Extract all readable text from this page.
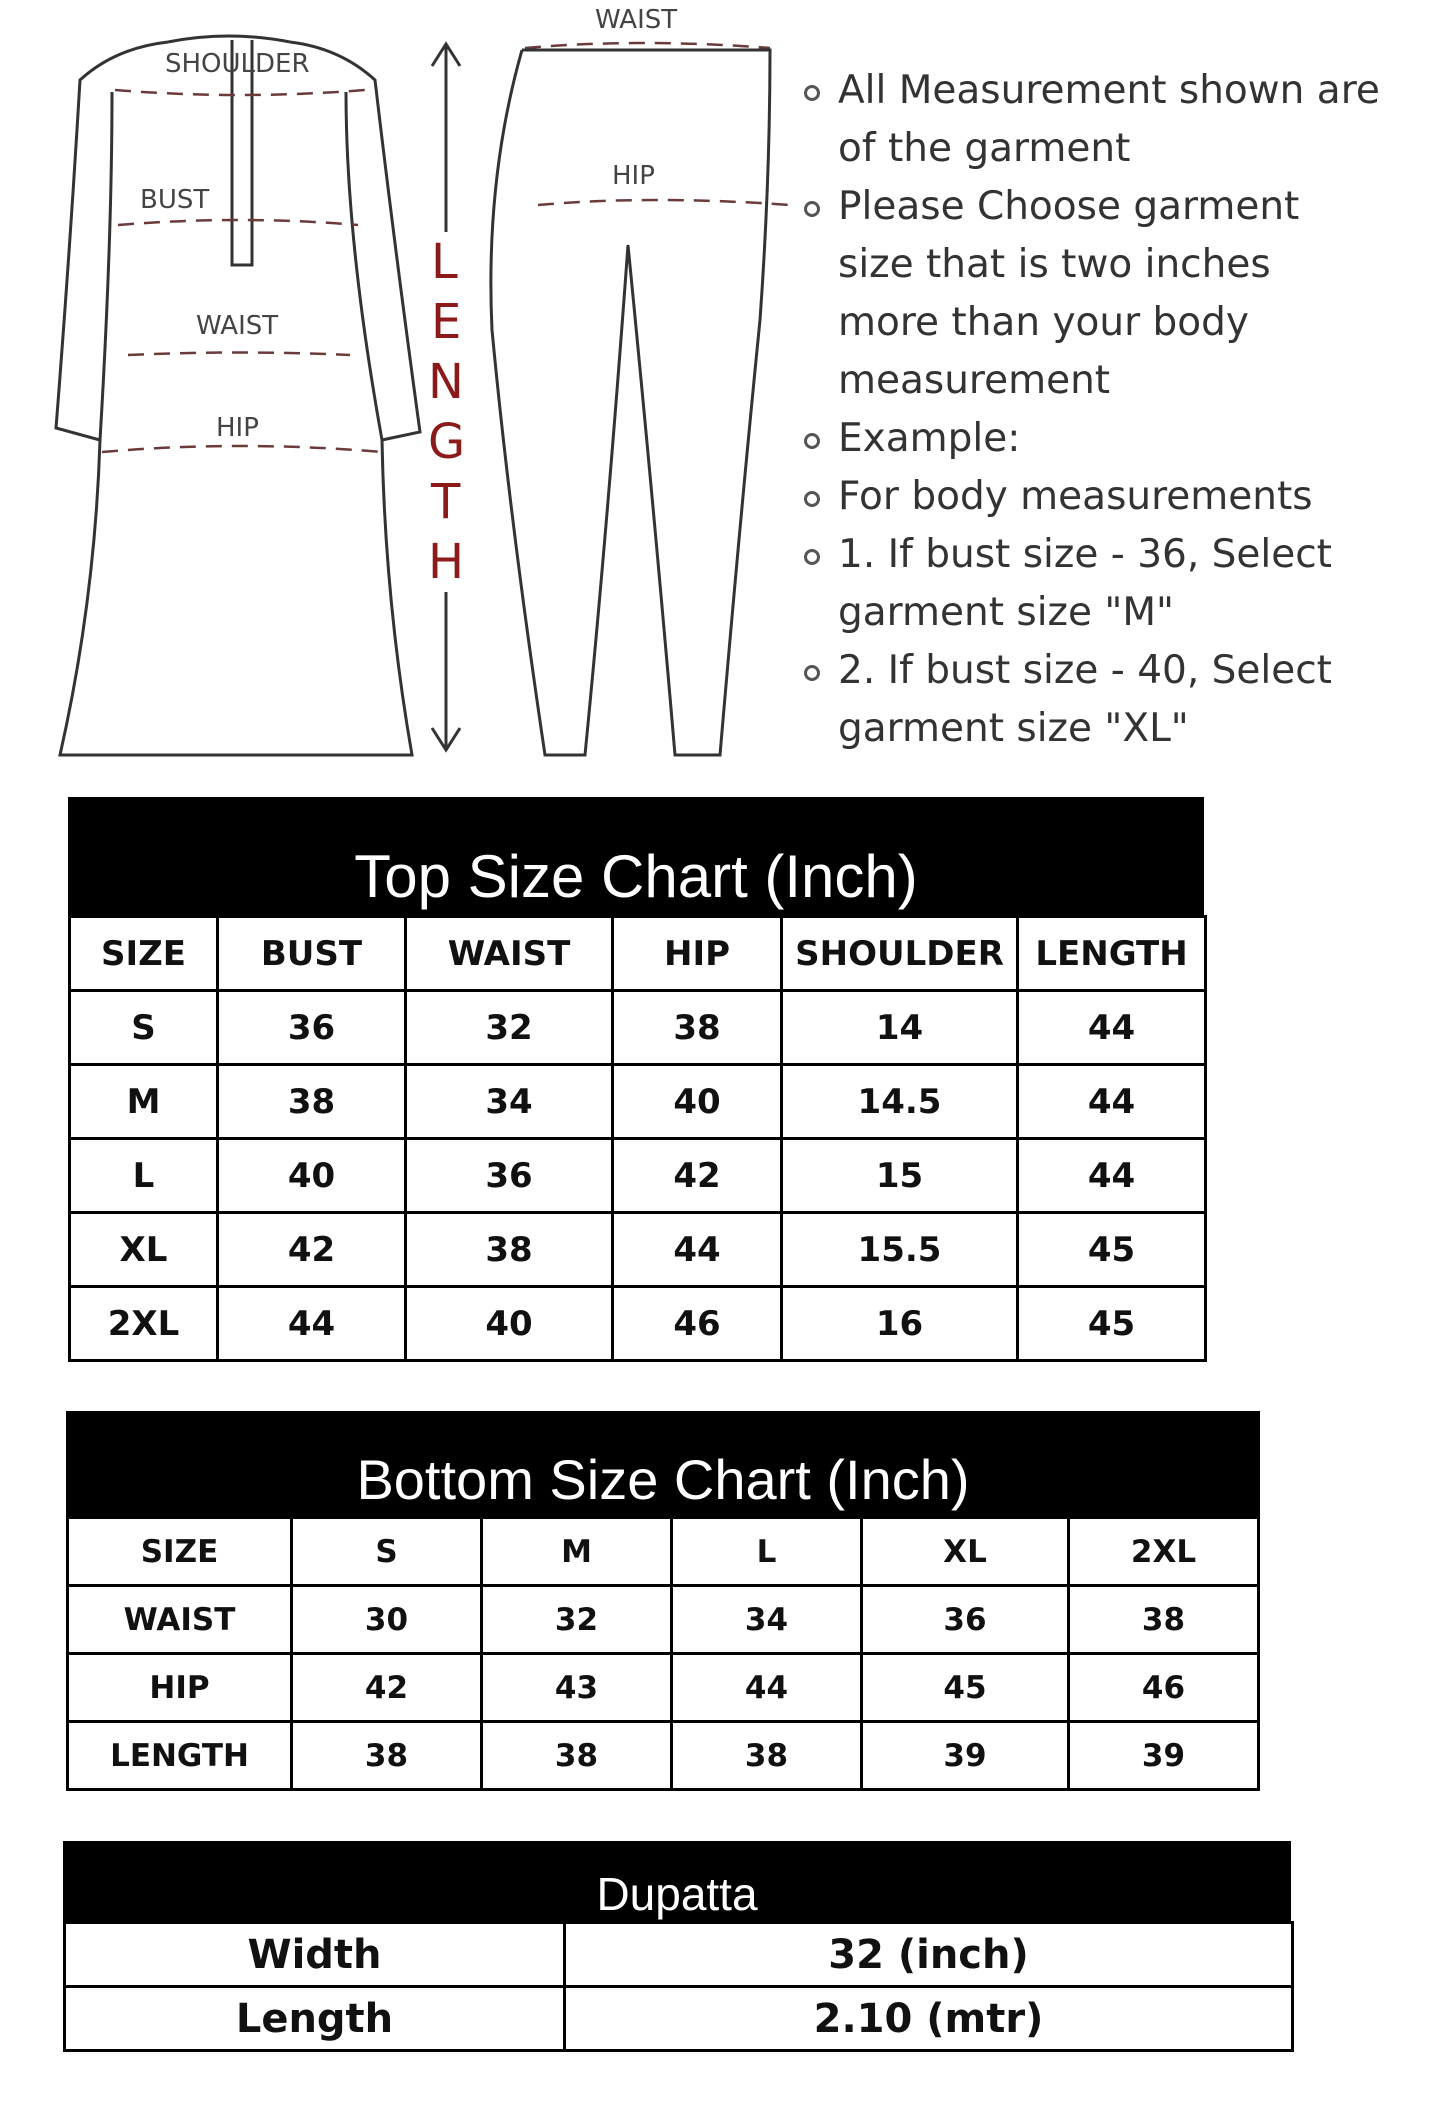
SHOULDER
BUST
WAIST
HIP
L
E
N
G
T
H
WAIST
HIP
All Measurement shown are
of the garment
Please Choose garment
size that is two inches
more than your body
measurement
Example:
For body measurements
1. If bust size - 36, Select
garment size "M"
2. If bust size - 40, Select
garment size "XL"
Top Size Chart (Inch)
SIZE	BUST	WAIST	HIP	SHOULDER	LENGTH
S	36	32	38	14	44
M	38	34	40	14.5	44
L	40	36	42	15	44
XL	42	38	44	15.5	45
2XL	44	40	46	16	45
Bottom Size Chart (Inch)
SIZE	S	M	L	XL	2XL
WAIST	30	32	34	36	38
HIP	42	43	44	45	46
LENGTH	38	38	38	39	39
Dupatta
Width	32 (inch)
Length	2.10 (mtr)
